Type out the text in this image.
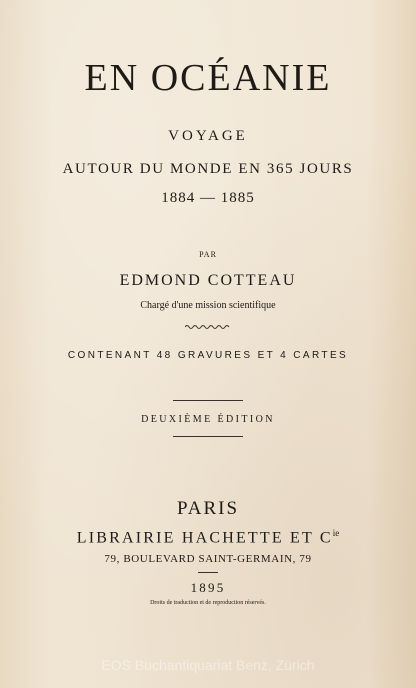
EN OCÉANIE
VOYAGE
AUTOUR DU MONDE EN 365 JOURS
1884 — 1885
PAR
EDMOND COTTEAU
Chargé d'une mission scientifique
CONTENANT 48 GRAVURES ET 4 CARTES
DEUXIÈME ÉDITION
PARIS
LIBRAIRIE HACHETTE ET $C^{ie}$
79, BOULEVARD SAINT-GERMAIN, 79
1895
Droits de traduction et de reproduction réservés.
EOS Buchantiquariat Benz, Zürich
